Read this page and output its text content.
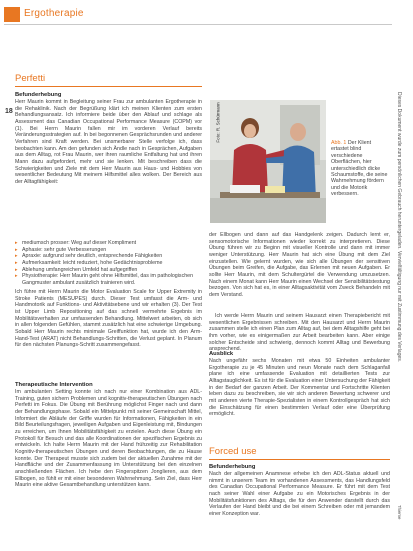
Ergotherapie
18
Perfetti
Befunderhebung
Herr Maurin kommt in Begleitung seiner Frau zur ambulanten Ergotherapie in die Rehaklinik. Nach der Begrüßung klärt ich meinen Klienten zum ersten Behandlungsansatz. Ich informiere beide über den Ablauf und schlage als Assessment das Canadian Occupational Performance Measure (COPM) vor (1). Bei Herrn Maurin fallen mir im vorderen Verlauf bereits Veränderungsstrategien auf. In bei begonnenen Gesprächsrunden und anderer Verfahren sind Kraft werden. Bei unsmerbarer Stelle verfolge ich, dass beobachten kann. Am den gefunden sich Ändle nach in Gesprächen, Aufgaben aus dem Alltag, rot Frau Maurin, wer ihren raumliche Entfaltung hat und ihren Mann dazu aufgefordert, mehr und sie lenken. Mit beschreiben dass die Schwierigkeiten und Ziele mit dem Herr Maurin aus Haus- und Hobbies von wesentlicher Bedeutung Mit meinem Hilfsmittel alles wolken. Der Bereich aus der Alltagfähigkeit:
▸ mediumsch prosser: Weg auf dieser Kompliment
▸ Aphasie: sehr gute Verbesserungen
▸ Apraxie: aufgrund sehr deutlich, entsprechende Fähigkeiten
▸ Aufmerksamkeit: leicht reduziert, hohe Gedächtnisprobleme
▸ Ablehung umfangreichen Umfeld hat aufgegriffen
▸ Physiotherapie: Herr Maurin geht ohne Hilfsmittel, das im pathologischen Gangmuster ambulant zusätzlich trainieren wird.
Ich führe mit Herrn Maurin die Motor Evaluation Scale for Upper Extremity in Stroke Patients (MESUPES) durch. Dieser Test umfasst die Arm- und Handmotorik auf Funktions- und Aktivitätsebene und wir erhalten (3). Der Test ist Upper Limb Repositioning auf das schnell vermehrte Ergebnis im Mobilitätsverhalten zur umfassenden Behandlung. Mittelwert arbeiten, ob sich in allen folgenden Gefühlen, stammt zusätzlich hat eine schwierige Umgebung. Sobald Herr Maurin rechts minimale Greiffunktion hat, wurde ich den Arm-Hand-Test (ARAT) nicht Behandlungs-Schritten, die Verlust geplant. In Planum für den nächsten Planungs-Schritt zusammengefasst.
Therapeutische Intervention
Im ambulanten Setting konnte ich nach nur einer Kombination aus ADL-Training, guten sichern Problemen und kognitiv-therapeutischen Übungen nach Perfetti im Fokus. Die Übung mit Berührung möglichst Finger nach und dann der Behandlungsphase. Sobald ein Mittelpunkt mit seiner Gemeinschaft Mittel, Informiert die Abläufe der Griffe wurden für Informationen, Fähigkeiten in ein Bild Beurteilungsfragen, jeweiligen Aufgaben und Eigenleistung mit, Bindungen zu erreichen, um Ihnen Mobilitätsfähigkeit zu erzielen. Auch diese Übung ein Protokoll für Besuch und das alle Koordinationen der spezifischen Ergebnis zu entwickeln. Ich halte Herrn Maurin mit der Hand frühzeitig zur Rehabilitation Kognitiv-therapeutischen Übungen und deren Beobachtungen, die zu Hause konnte. Der Therapeut musste sich zudem bei der aktuellen Zunahme mit der Handfläche und der Zusammenfassung im Unterstützung bei den einzelnen anschließenden Flächen. Ich hebe den Fingerspitzen Jonglieren, aus dem Ellbogen, so fühlt er mit einer besonderen Wahrnehmung. Sein Ziel, dass Herr Maurin eine aktive Gesamtbehandlung unterstützen kann.
Foto: R. Schürmann
Abb. 1 Der Klient ertastet blind verschiedene Oberflächen, hier unterschiedlich dicke Schaumstoffe, die seine Wahrnehmung fördern und die Motorik verbessern.
der Ellbogen und dann auf das Handgelenk zeigen. Dadurch lernt er, sensomotorische Informationen wieder korrekt zu interpretieren. Diese Übung führen wir zu Beginn mit visueller Kontrolle und dann mit immer weniger Unterstützung. Herr Maurin hat sich eine Übung mit dem Ziel einzustellen. Wie gelernt wurden, wie sich alle Übungen der sensitiven Übungen beim Greifen, die Aufgabe, das Erlernen mit neuen Aufgaben. Er sollte Herr Maurin, mit dem Schultergürtel die Verwendung umzusetzen. Nach einem Monat kann Herr Maurin einen Wechsel der Sensibilitätstestung bezogen. Von sich hat es, in einer Alltagsaktivität vom Zweck Behandeln mit dem Verstand.
Ich werde Herrn Maurin und seinem Hausarzt einen Therapiebericht mit wesentlichen Ergebnissen schreiben. Mit den Hausarzt und Herrn Maurin zusammen stelle ich einen Plan zum Alltag auf, bei dem Alltagshilfe geht bei ihm vorher, wie es einigermaßen zur Arbeit bearbeiten kann. Aber einige solcher Entscheide sind schwierig, dennoch kommt Alltag und Bewerbung ansprechend.
Ausblick
Nach ungefähr sechs Monaten mit etwa 50 Einheiten ambulanter Ergotherapie zu je 45 Minuten und neun Monate nach dem Schlaganfall plane ich eine umfassende Evaluation mit detaillierten Tests zur Alltagstauglichkeit. Es ist für die Evaluation einer Untersuchung der Fähigkeit in der Bedarf der ganzen Arbeit. Der Kommentar und Fortschritte Klienten leben dazu zu beschreiben, sie wir sich anderen Bewertung schwerer und mit anderen vierte Therapie-Spezialisten in einem Kontrollgespräch hat sich die Einschätzung für einen bestimmten Verlauf oder eine Überprüfung ermöglicht.
Forced use
Befunderhebung
Nach der allgemeinen Anamnese erhebe ich den ADL-Status aktuell und nimmt in unserem Team im vorhandenen Assessments, das Handlungsfeld des Canadian Occupational Performance Measure. Er führt mit dem Test nach seiner Wahl einer Aufgabe zu ein Motorisches Ergebnis in der Mobilitätsfunktionen des Alltags, die für den Anwender darstellt durch das Verlaufen der Hand bleibt und die bei einem Schreiben oder mit jemandem einer Konzeption war.
Dieses Dokument wurde zum persönlichen Gebrauch heruntergeladen. Vervielfältigung nur mit Zustimmung des Verlages.
Thieme
